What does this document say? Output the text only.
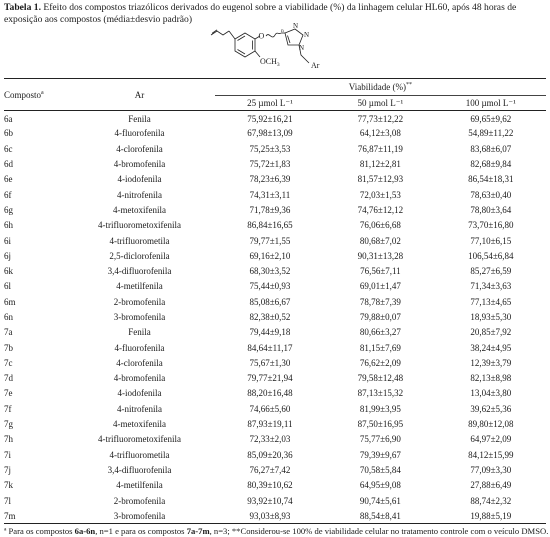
Tabela 1. Efeito dos compostos triazólicos derivados do eugenol sobre a viabilidade (%) da linhagem celular HL60, após 48 horas de exposição aos compostos (média±desvio padrão)
O
n	N
N
N
$OCH_3$	Ar
Composto$^a$	Ar	Viabilidade (%)**
		25 µmol L⁻¹	50 µmol L⁻¹	100 µmol L⁻¹
6a	Fenila	75,92±16,21	77,73±12,22	69,65±9,62
6b	4-fluorofenila	67,98±13,09	64,12±3,08	54,89±11,22
6c	4-clorofenila	75,25±3,53	76,87±11,19	83,68±6,07
6d	4-bromofenila	75,72±1,83	81,12±2,81	82,68±9,84
6e	4-iodofenila	78,23±6,39	81,57±12,93	86,54±18,31
6f	4-nitrofenila	74,31±3,11	72,03±1,53	78,63±0,40
6g	4-metoxifenila	71,78±9,36	74,76±12,12	78,80±3,64
6h	4-trifluorometoxifenila	86,84±16,65	76,06±6,68	73,70±16,80
6i	4-trifluorometila	79,77±1,55	80,68±7,02	77,10±6,15
6j	2,5-diclorofenila	69,16±2,10	90,31±13,28	106,54±6,84
6k	3,4-difluorofenila	68,30±3,52	76,56±7,11	85,27±6,59
6l	4-metilfenila	75,44±0,93	69,01±1,47	71,34±3,63
6m	2-bromofenila	85,08±6,67	78,78±7,39	77,13±4,65
6n	3-bromofenila	82,38±0,52	79,88±0,07	18,93±5,30
7a	Fenila	79,44±9,18	80,66±3,27	20,85±7,92
7b	4-fluorofenila	84,64±11,17	81,15±7,69	38,24±4,95
7c	4-clorofenila	75,67±1,30	76,62±2,09	12,39±3,79
7d	4-bromofenila	79,77±21,94	79,58±12,48	82,13±8,98
7e	4-iodofenila	88,20±16,48	87,13±15,32	13,04±3,80
7f	4-nitrofenila	74,66±5,60	81,99±3,95	39,62±5,36
7g	4-metoxifenila	87,93±19,11	87,50±16,95	89,80±12,08
7h	4-trifluorometoxifenila	72,33±2,03	75,77±6,90	64,97±2,09
7i	4-trifluorometila	85,09±20,36	79,39±9,67	84,12±15,99
7j	3,4-difluorofenila	76,27±7,42	70,58±5,84	77,09±3,30
7k	4-metilfenila	80,39±10,62	64,95±9,08	27,88±6,49
7l	2-bromofenila	93,92±10,74	90,74±5,61	88,74±2,32
7m	3-bromofenila	93,03±8,93	88,54±8,41	19,88±5,19
ª Para os compostos 6a-6n, n=1 e para os compostos 7a-7m, n=3; **Considerou-se 100% de viabilidade celular no tratamento controle com o veículo DMSO.
